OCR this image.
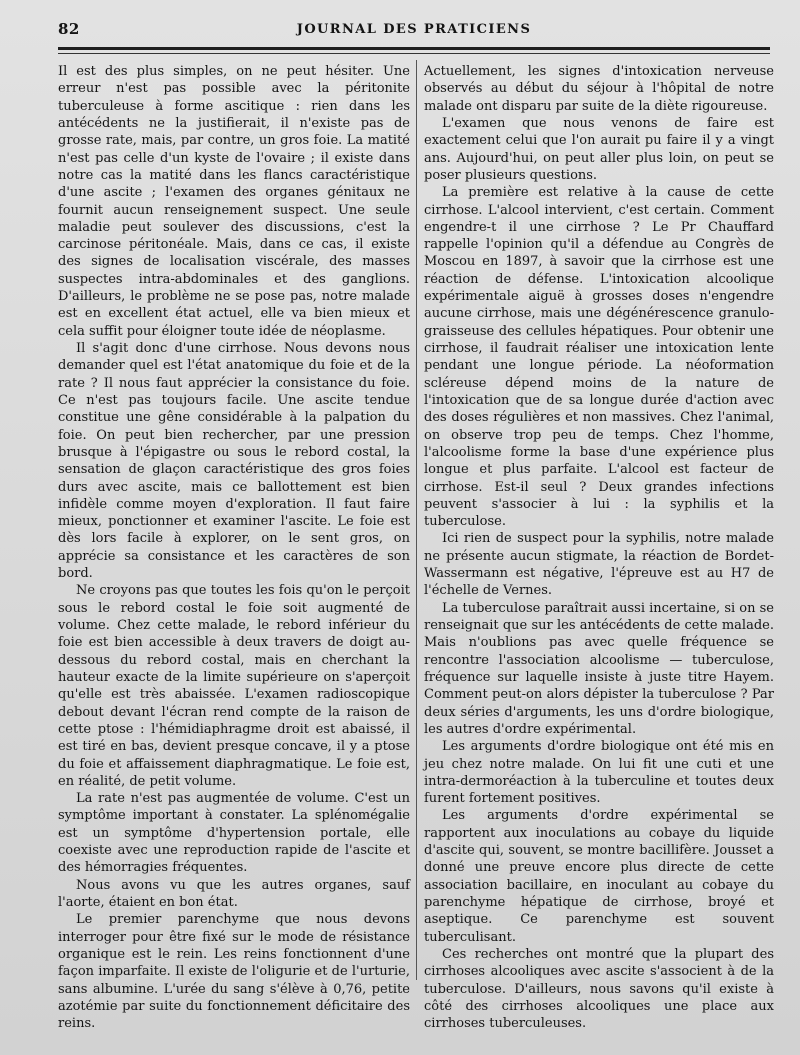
82	JOURNAL DES PRATICIENS

Il est des plus simples, on ne peut hésiter. Une erreur n'est pas possible avec la péritonite tuberculeuse à forme ascitique : rien dans les antécédents ne la justifierait, il n'existe pas de grosse rate, mais, par contre, un gros foie. La matité n'est pas celle d'un kyste de l'ovaire ; il existe dans notre cas la matité dans les flancs caractéristique d'une ascite ; l'examen des organes génitaux ne fournit aucun renseignement suspect. Une seule maladie peut soulever des discussions, c'est la carcinose péritonéale. Mais, dans ce cas, il existe des signes de localisation viscérale, des masses suspectes intra-abdominales et des ganglions. D'ailleurs, le problème ne se pose pas, notre malade est en excellent état actuel, elle va bien mieux et cela suffit pour éloigner toute idée de néoplasme.

Il s'agit donc d'une cirrhose. Nous devons nous demander quel est l'état anatomique du foie et de la rate ? Il nous faut apprécier la consistance du foie. Ce n'est pas toujours facile. Une ascite tendue constitue une gêne considérable à la palpation du foie. On peut bien rechercher, par une pression brusque à l'épigastre ou sous le rebord costal, la sensation de glaçon caractéristique des gros foies durs avec ascite, mais ce ballottement est bien infidèle comme moyen d'exploration. Il faut faire mieux, ponctionner et examiner l'ascite. Le foie est dès lors facile à explorer, on le sent gros, on apprécie sa consistance et les caractères de son bord.

Ne croyons pas que toutes les fois qu'on le perçoit sous le rebord costal le foie soit augmenté de volume. Chez cette malade, le rebord inférieur du foie est bien accessible à deux travers de doigt au-dessous du rebord costal, mais en cherchant la hauteur exacte de la limite supérieure on s'aperçoit qu'elle est très abaissée. L'examen radioscopique debout devant l'écran rend compte de la raison de cette ptose : l'hémidiaphragme droit est abaissé, il est tiré en bas, devient presque concave, il y a ptose du foie et affaissement diaphragmatique. Le foie est, en réalité, de petit volume.

La rate n'est pas augmentée de volume. C'est un symptôme important à constater. La splénomégalie est un symptôme d'hypertension portale, elle coexiste avec une reproduction rapide de l'ascite et des hémorragies fréquentes.

Nous avons vu que les autres organes, sauf l'aorte, étaient en bon état.

Le premier parenchyme que nous devons interroger pour être fixé sur le mode de résistance organique est le rein. Les reins fonctionnent d'une façon imparfaite. Il existe de l'oligurie et de l'urturie, sans albumine. L'urée du sang s'élève à 0,76, petite azotémie par suite du fonctionnement déficitaire des reins.

Actuellement, les signes d'intoxication nerveuse observés au début du séjour à l'hôpital de notre malade ont disparu par suite de la diète rigoureuse.

L'examen que nous venons de faire est exactement celui que l'on aurait pu faire il y a vingt ans. Aujourd'hui, on peut aller plus loin, on peut se poser plusieurs questions.

La première est relative à la cause de cette cirrhose. L'alcool intervient, c'est certain. Comment engendre-t il une cirrhose ? Le Pr Chauffard rappelle l'opinion qu'il a défendue au Congrès de Moscou en 1897, à savoir que la cirrhose est une réaction de défense. L'intoxication alcoolique expérimentale aiguë à grosses doses n'engendre aucune cirrhose, mais une dégénérescence granulo-graisseuse des cellules hépatiques. Pour obtenir une cirrhose, il faudrait réaliser une intoxication lente pendant une longue période. La néoformation scléreuse dépend moins de la nature de l'intoxication que de sa longue durée d'action avec des doses régulières et non massives. Chez l'animal, on observe trop peu de temps. Chez l'homme, l'alcoolisme forme la base d'une expérience plus longue et plus parfaite. L'alcool est facteur de cirrhose. Est-il seul ? Deux grandes infections peuvent s'associer à lui : la syphilis et la tuberculose.

Ici rien de suspect pour la syphilis, notre malade ne présente aucun stigmate, la réaction de Bordet-Wassermann est négative, l'épreuve est au H7 de l'échelle de Vernes.

La tuberculose paraîtrait aussi incertaine, si on se renseignait que sur les antécédents de cette malade. Mais n'oublions pas avec quelle fréquence se rencontre l'association alcoolisme — tuberculose, fréquence sur laquelle insiste à juste titre Hayem. Comment peut-on alors dépister la tuberculose ? Par deux séries d'arguments, les uns d'ordre biologique, les autres d'ordre expérimental.

Les arguments d'ordre biologique ont été mis en jeu chez notre malade. On lui fit une cuti et une intra-dermoréaction à la tuberculine et toutes deux furent fortement positives.

Les arguments d'ordre expérimental se rapportent aux inoculations au cobaye du liquide d'ascite qui, souvent, se montre bacillifère. Jousset a donné une preuve encore plus directe de cette association bacillaire, en inoculant au cobaye du parenchyme hépatique de cirrhose, broyé et aseptique. Ce parenchyme est souvent tuberculisant.

Ces recherches ont montré que la plupart des cirrhoses alcooliques avec ascite s'associent à de la tuberculose. D'ailleurs, nous savons qu'il existe à côté des cirrhoses alcooliques une place aux cirrhoses tuberculeuses.
